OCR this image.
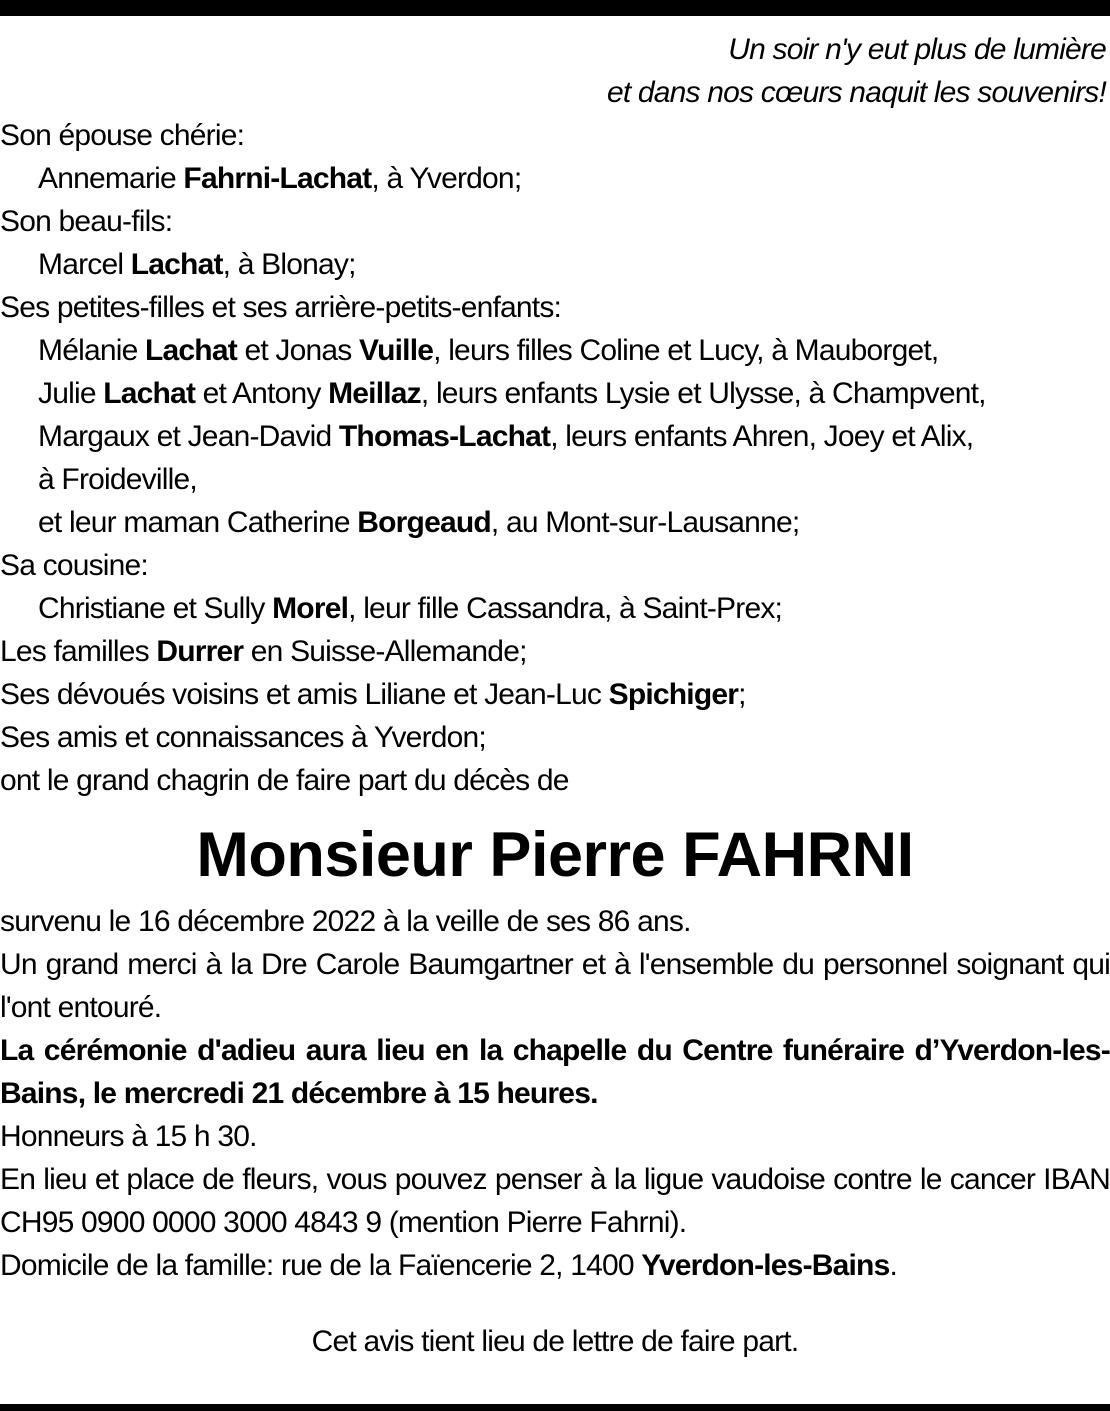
Un soir n'y eut plus de lumière
et dans nos cœurs naquit les souvenirs!
Son épouse chérie:
Annemarie Fahrni-Lachat, à Yverdon;
Son beau-fils:
Marcel Lachat, à Blonay;
Ses petites-filles et ses arrière-petits-enfants:
Mélanie Lachat et Jonas Vuille, leurs filles Coline et Lucy, à Mauborget,
Julie Lachat et Antony Meillaz, leurs enfants Lysie et Ulysse, à Champvent,
Margaux et Jean-David Thomas-Lachat, leurs enfants Ahren, Joey et Alix,
à Froideville,
et leur maman Catherine Borgeaud, au Mont-sur-Lausanne;
Sa cousine:
Christiane et Sully Morel, leur fille Cassandra, à Saint-Prex;
Les familles Durrer en Suisse-Allemande;
Ses dévoués voisins et amis Liliane et Jean-Luc Spichiger;
Ses amis et connaissances à Yverdon;
ont le grand chagrin de faire part du décès de
Monsieur Pierre FAHRNI
survenu le 16 décembre 2022 à la veille de ses 86 ans.
Un grand merci à la Dre Carole Baumgartner et à l'ensemble du personnel soignant qui l'ont entouré.
La cérémonie d'adieu aura lieu en la chapelle du Centre funéraire d’Yverdon-les-Bains, le mercredi 21 décembre à 15 heures.
Honneurs à 15 h 30.
En lieu et place de fleurs, vous pouvez penser à la ligue vaudoise contre le cancer IBAN CH95 0900 0000 3000 4843 9 (mention Pierre Fahrni).
Domicile de la famille: rue de la Faïencerie 2, 1400 Yverdon-les-Bains.
Cet avis tient lieu de lettre de faire part.
